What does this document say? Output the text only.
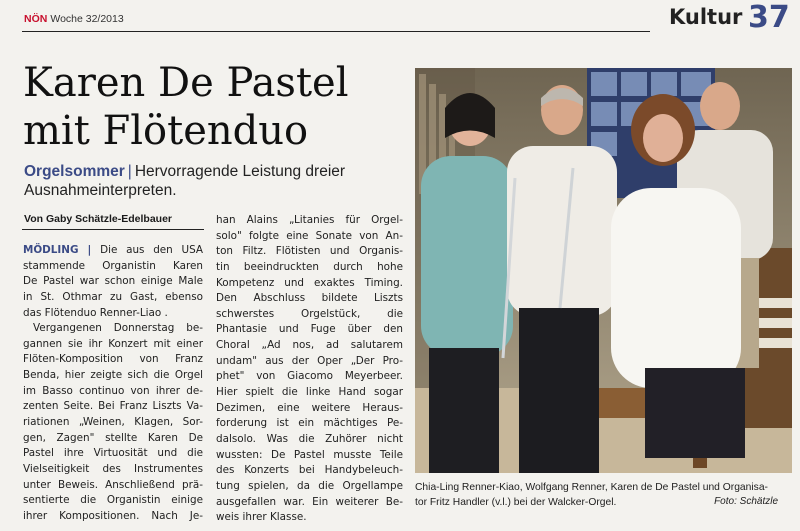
NÖN Woche 32/2013	Kultur 37
Karen De Pastel
mit Flötenduo
Orgelsommer | Hervorragende Leistung dreier Ausnahmeinterpreten.
Von Gaby Schätzle-Edelbauer
MÖDLING | Die aus den USA
stammende Organistin Karen
De Pastel war schon einige Male
in St. Othmar zu Gast, ebenso
das Flötenduo Renner-Liao .
Vergangenen Donnerstag be-
gannen sie ihr Konzert mit einer
Flöten-Komposition von Franz
Benda, hier zeigte sich die Orgel
im Basso continuo von ihrer de-
zenten Seite. Bei Franz Liszts Va-
riationen „Weinen, Klagen, Sor-
gen, Zagen" stellte Karen De
Pastel ihre Virtuosität und die
Vielseitigkeit des Instrumentes
unter Beweis. Anschließend prä-
sentierte die Organistin einige
ihrer Kompositionen. Nach Je-
han Alains „Litanies für Orgel-
solo" folgte eine Sonate von An-
ton Filtz. Flötisten und Organis-
tin beeindruckten durch hohe
Kompetenz und exaktes Timing.
Den Abschluss bildete Liszts
schwerstes Orgelstück, die
Phantasie und Fuge über den
Choral „Ad nos, ad salutarem
undam" aus der Oper „Der Pro-
phet" von Giacomo Meyerbeer.
Hier spielt die linke Hand sogar
Dezimen, eine weitere Heraus-
forderung ist ein mächtiges Pe-
dalsolo. Was die Zuhörer nicht
wussten: De Pastel musste Teile
des Konzerts bei Handybeleuch-
tung spielen, da die Orgellampe
ausgefallen war. Ein weiterer Be-
weis ihrer Klasse.
Chia-Ling Renner-Kiao, Wolfgang Renner, Karen de De Pastel und Organisa-
tor Fritz Handler (v.l.) bei der Walcker-Orgel.	Foto: Schätzle
